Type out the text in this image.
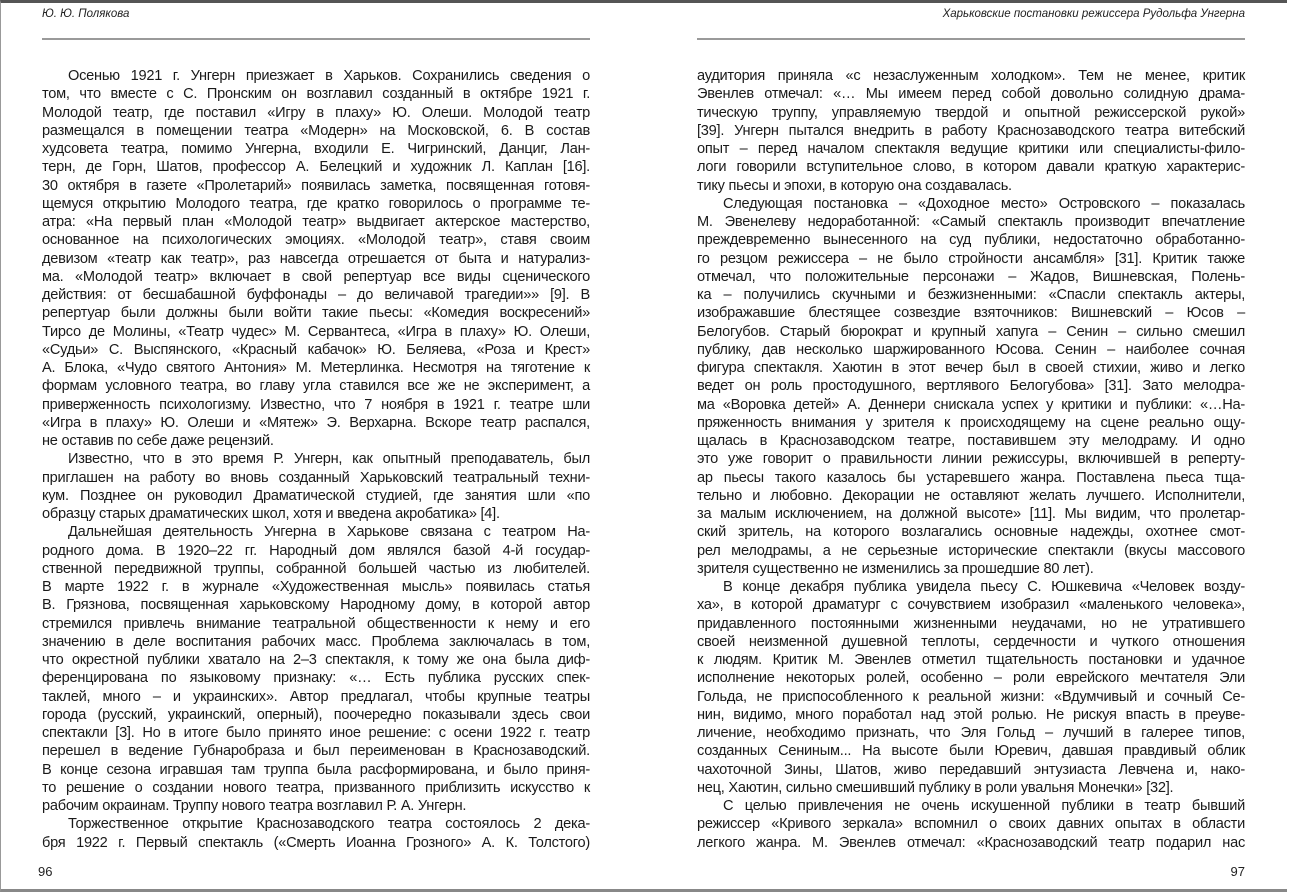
Ю. Ю. Полякова
Осенью 1921 г. Унгерн приезжает в Харьков. Сохранились сведения о
том, что вместе с С. Пронским он возглавил созданный в октябре 1921 г.
Молодой театр, где поставил «Игру в плаху» Ю. Олеши. Молодой театр
размещался в помещении театра «Модерн» на Московской, 6. В состав
худсовета театра, помимо Унгерна, входили Е. Чигринский, Данциг, Лан-
терн, де Горн, Шатов, профессор А. Белецкий и художник Л. Каплан [16].
30 октября в газете «Пролетарий» появилась заметка, посвященная готовя-
щемуся открытию Молодого театра, где кратко говорилось о программе те-
атра: «На первый план «Молодой театр» выдвигает актерское мастерство,
основанное на психологических эмоциях. «Молодой театр», ставя своим
девизом «театр как театр», раз навсегда отрешается от быта и натурализ-
ма. «Молодой театр» включает в свой репертуар все виды сценического
действия: от бесшабашной буффонады – до величавой трагедии»» [9]. В
репертуар были должны были войти такие пьесы: «Комедия воскресений»
Тирсо де Молины, «Театр чудес» М. Сервантеса, «Игра в плаху» Ю. Олеши,
«Судьи» С. Выспянского, «Красный кабачок» Ю. Беляева, «Роза и Крест»
А. Блока, «Чудо святого Антония» М. Метерлинка. Несмотря на тяготение к
формам условного театра, во главу угла ставился все же не эксперимент, а
приверженность психологизму. Известно, что 7 ноября в 1921 г. театре шли
«Игра в плаху» Ю. Олеши и «Мятеж» Э. Верхарна. Вскоре театр распался,
не оставив по себе даже рецензий.
Известно, что в это время Р. Унгерн, как опытный преподаватель, был
приглашен на работу во вновь созданный Харьковский театральный техни-
кум. Позднее он руководил Драматической студией, где занятия шли «по
образцу старых драматических школ, хотя и введена акробатика» [4].
Дальнейшая деятельность Унгерна в Харькове связана с театром На-
родного дома. В 1920–22 гг. Народный дом являлся базой 4-й государ-
ственной передвижной труппы, собранной большей частью из любителей.
В марте 1922 г. в журнале «Художественная мысль» появилась статья
В. Грязнова, посвященная харьковскому Народному дому, в которой автор
стремился привлечь внимание театральной общественности к нему и его
значению в деле воспитания рабочих масс. Проблема заключалась в том,
что окрестной публики хватало на 2–3 спектакля, к тому же она была диф-
ференцирована по языковому признаку: «… Есть публика русских спек-
таклей, много – и украинских». Автор предлагал, чтобы крупные театры
города (русский, украинский, оперный), поочередно показывали здесь свои
спектакли [3]. Но в итоге было принято иное решение: с осени 1922 г. театр
перешел в ведение Губнаробраза и был переименован в Краснозаводский.
В конце сезона игравшая там труппа была расформирована, и было приня-
то решение о создании нового театра, призванного приблизить искусство к
рабочим окраинам. Труппу нового театра возглавил Р. А. Унгерн.
Торжественное открытие Краснозаводского театра состоялось 2 дека-
бря 1922 г. Первый спектакль («Смерть Иоанна Грозного» А. К. Толстого)
96
Харьковские постановки режиссера Рудольфа Унгерна
аудитория приняла «с незаслуженным холодком». Тем не менее, критик
Эвенлев отмечал: «… Мы имеем перед собой довольно солидную драма-
тическую труппу, управляемую твердой и опытной режиссерской рукой»
[39]. Унгерн пытался внедрить в работу Краснозаводского театра витебский
опыт – перед началом спектакля ведущие критики или специалисты-фило-
логи говорили вступительное слово, в котором давали краткую характерис-
тику пьесы и эпохи, в которую она создавалась.
Следующая постановка – «Доходное место» Островского – показалась
М. Эвенелеву недоработанной: «Самый спектакль производит впечатление
преждевременно вынесенного на суд публики, недостаточно обработанно-
го резцом режиссера – не было стройности ансамбля» [31]. Критик также
отмечал, что положительные персонажи – Жадов, Вишневская, Полень-
ка – получились скучными и безжизненными: «Спасли спектакль актеры,
изображавшие блестящее созвездие взяточников: Вишневский – Юсов –
Белогубов. Старый бюрократ и крупный хапуга – Сенин – сильно смешил
публику, дав несколько шаржированного Юсова. Сенин – наиболее сочная
фигура спектакля. Хаютин в этот вечер был в своей стихии, живо и легко
ведет он роль простодушного, вертлявого Белогубова» [31]. Зато мелодра-
ма «Воровка детей» А. Деннери снискала успех у критики и публики: «…На-
пряженность внимания у зрителя к происходящему на сцене реально ощу-
щалась в Краснозаводском театре, поставившем эту мелодраму. И одно
это уже говорит о правильности линии режиссуры, включившей в реперту-
ар пьесы такого казалось бы устаревшего жанра. Поставлена пьеса тща-
тельно и любовно. Декорации не оставляют желать лучшего. Исполнители,
за малым исключением, на должной высоте» [11]. Мы видим, что пролетар-
ский зритель, на которого возлагались основные надежды, охотнее смот-
рел мелодрамы, а не серьезные исторические спектакли (вкусы массового
зрителя существенно не изменились за прошедшие 80 лет).
В конце декабря публика увидела пьесу С. Юшкевича «Человек возду-
ха», в которой драматург с сочувствием изобразил «маленького человека»,
придавленного постоянными жизненными неудачами, но не утратившего
своей неизменной душевной теплоты, сердечности и чуткого отношения
к людям. Критик М. Эвенлев отметил тщательность постановки и удачное
исполнение некоторых ролей, особенно – роли еврейского мечтателя Эли
Гольда, не приспособленного к реальной жизни: «Вдумчивый и сочный Се-
нин, видимо, много поработал над этой ролью. Не рискуя впасть в преуве-
личение, необходимо признать, что Эля Гольд – лучший в галерее типов,
созданных Сениным... На высоте были Юревич, давшая правдивый облик
чахоточной Зины, Шатов, живо передавший энтузиаста Левчена и, нако-
нец, Хаютин, сильно смешивший публику в роли увальня Монечки» [32].
С целью привлечения не очень искушенной публики в театр бывший
режиссер «Кривого зеркала» вспомнил о своих давних опытах в области
легкого жанра. М. Эвенлев отмечал: «Краснозаводский театр подарил нас
97
